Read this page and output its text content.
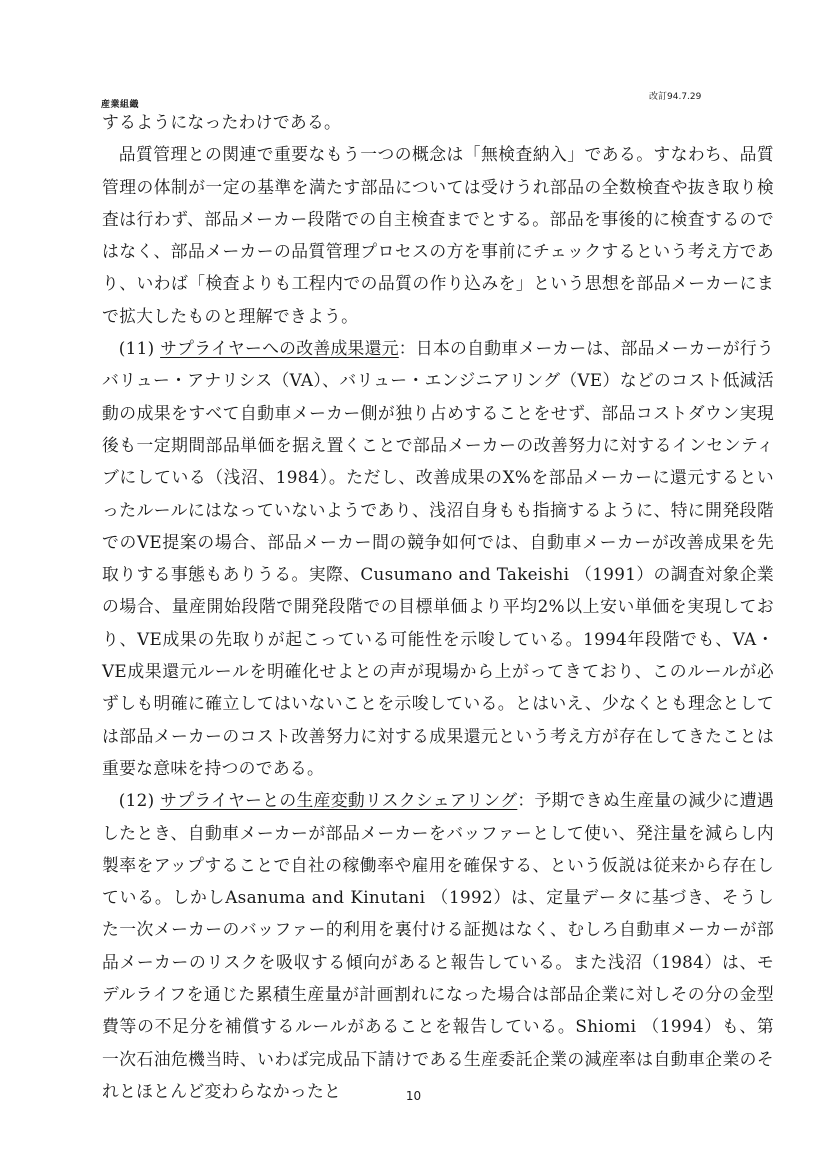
産業組織
改訂94.7.29

するようになったわけである。

品質管理との関連で重要なもう一つの概念は「無検査納入」である。すなわち、品質管理の体制が一定の基準を満たす部品については受けうれ部品の全数検査や抜き取り検査は行わず、部品メーカー段階での自主検査までとする。部品を事後的に検査するのではなく、部品メーカーの品質管理プロセスの方を事前にチェックするという考え方であり、いわば「検査よりも工程内での品質の作り込みを」という思想を部品メーカーにまで拡大したものと理解できよう。

(11) サプライヤーへの改善成果還元：日本の自動車メーカーは、部品メーカーが行うバリュー・アナリシス（VA）、バリュー・エンジニアリング（VE）などのコスト低減活動の成果をすべて自動車メーカー側が独り占めすることをせず、部品コストダウン実現後も一定期間部品単価を据え置くことで部品メーカーの改善努力に対するインセンティブにしている（浅沼、1984）。ただし、改善成果のX%を部品メーカーに還元するといったルールにはなっていないようであり、浅沼自身もも指摘するように、特に開発段階でのVE提案の場合、部品メーカー間の競争如何では、自動車メーカーが改善成果を先取りする事態もありうる。実際、Cusumano and Takeishi （1991）の調査対象企業の場合、量産開始段階で開発段階での目標単価より平均2%以上安い単価を実現しており、VE成果の先取りが起こっている可能性を示唆している。1994年段階でも、VA・VE成果還元ルールを明確化せよとの声が現場から上がってきており、このルールが必ずしも明確に確立してはいないことを示唆している。とはいえ、少なくとも理念としては部品メーカーのコスト改善努力に対する成果還元という考え方が存在してきたことは重要な意味を持つのである。

(12) サプライヤーとの生産変動リスクシェアリング：予期できぬ生産量の減少に遭遇したとき、自動車メーカーが部品メーカーをバッファーとして使い、発注量を減らし内製率をアップすることで自社の稼働率や雇用を確保する、という仮説は従来から存在している。しかしAsanuma and Kinutani （1992）は、定量データに基づき、そうした一次メーカーのバッファー的利用を裏付ける証拠はなく、むしろ自動車メーカーが部品メーカーのリスクを吸収する傾向があると報告している。また浅沼（1984）は、モデルライフを通じた累積生産量が計画割れになった場合は部品企業に対しその分の金型費等の不足分を補償するルールがあることを報告している。Shiomi （1994）も、第一次石油危機当時、いわば完成品下請けである生産委託企業の減産率は自動車企業のそれとほとんど変わらなかったと	10
